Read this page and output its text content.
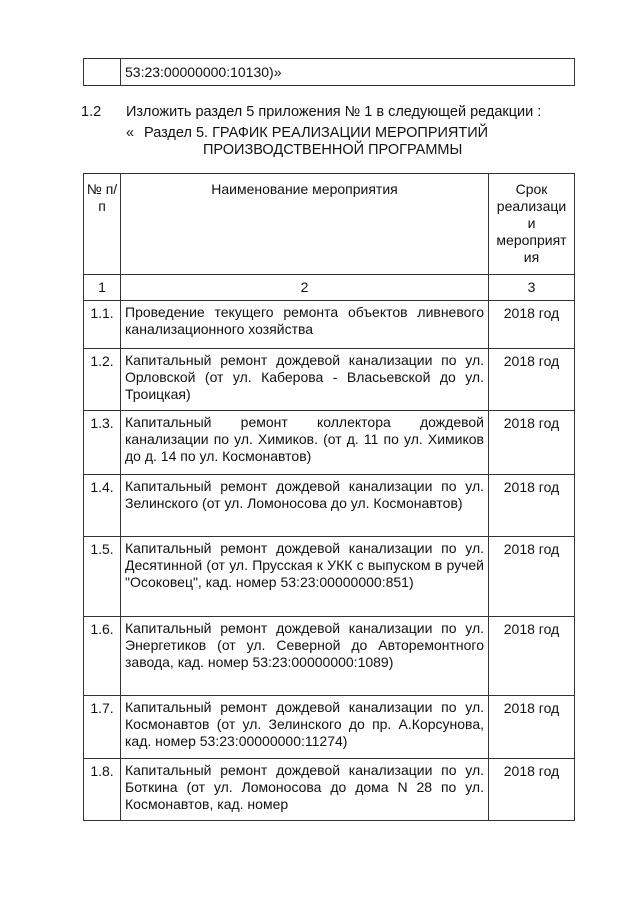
	53:23:00000000:10130)»
1.2 Изложить раздел 5 приложения № 1 в следующей редакции :
« Раздел 5. ГРАФИК РЕАЛИЗАЦИИ МЕРОПРИЯТИЙ
ПРОИЗВОДСТВЕННОЙ ПРОГРАММЫ
№ п/п	Наименование мероприятия	Срок реализаци и мероприят ия
1	2	3
1.1.	Проведение текущего ремонта объектов ливневого канализационного хозяйства	2018 год
1.2.	Капитальный ремонт дождевой канализации по ул. Орловской (от ул. Каберова - Власьевской до ул. Троицкая)	2018 год
1.3.	Капитальный ремонт коллектора дождевой канализации по ул. Химиков. (от д. 11 по ул. Химиков до д. 14 по ул. Космонавтов)	2018 год
1.4.	Капитальный ремонт дождевой канализации по ул. Зелинского (от ул. Ломоносова до ул. Космонавтов)	2018 год
1.5.	Капитальный ремонт дождевой канализации по ул. Десятинной (от ул. Прусская к УКК с выпуском в ручей "Осоковец", кад. номер 53:23:00000000:851)	2018 год
1.6.	Капитальный ремонт дождевой канализации по ул. Энергетиков (от ул. Северной до Авторемонтного завода, кад. номер 53:23:00000000:1089)	2018 год
1.7.	Капитальный ремонт дождевой канализации по ул. Космонавтов (от ул. Зелинского до пр. А.Корсунова, кад. номер 53:23:00000000:11274)	2018 год
1.8.	Капитальный ремонт дождевой канализации по ул. Боткина (от ул. Ломоносова до дома N 28 по ул. Космонавтов, кад. номер	2018 год
